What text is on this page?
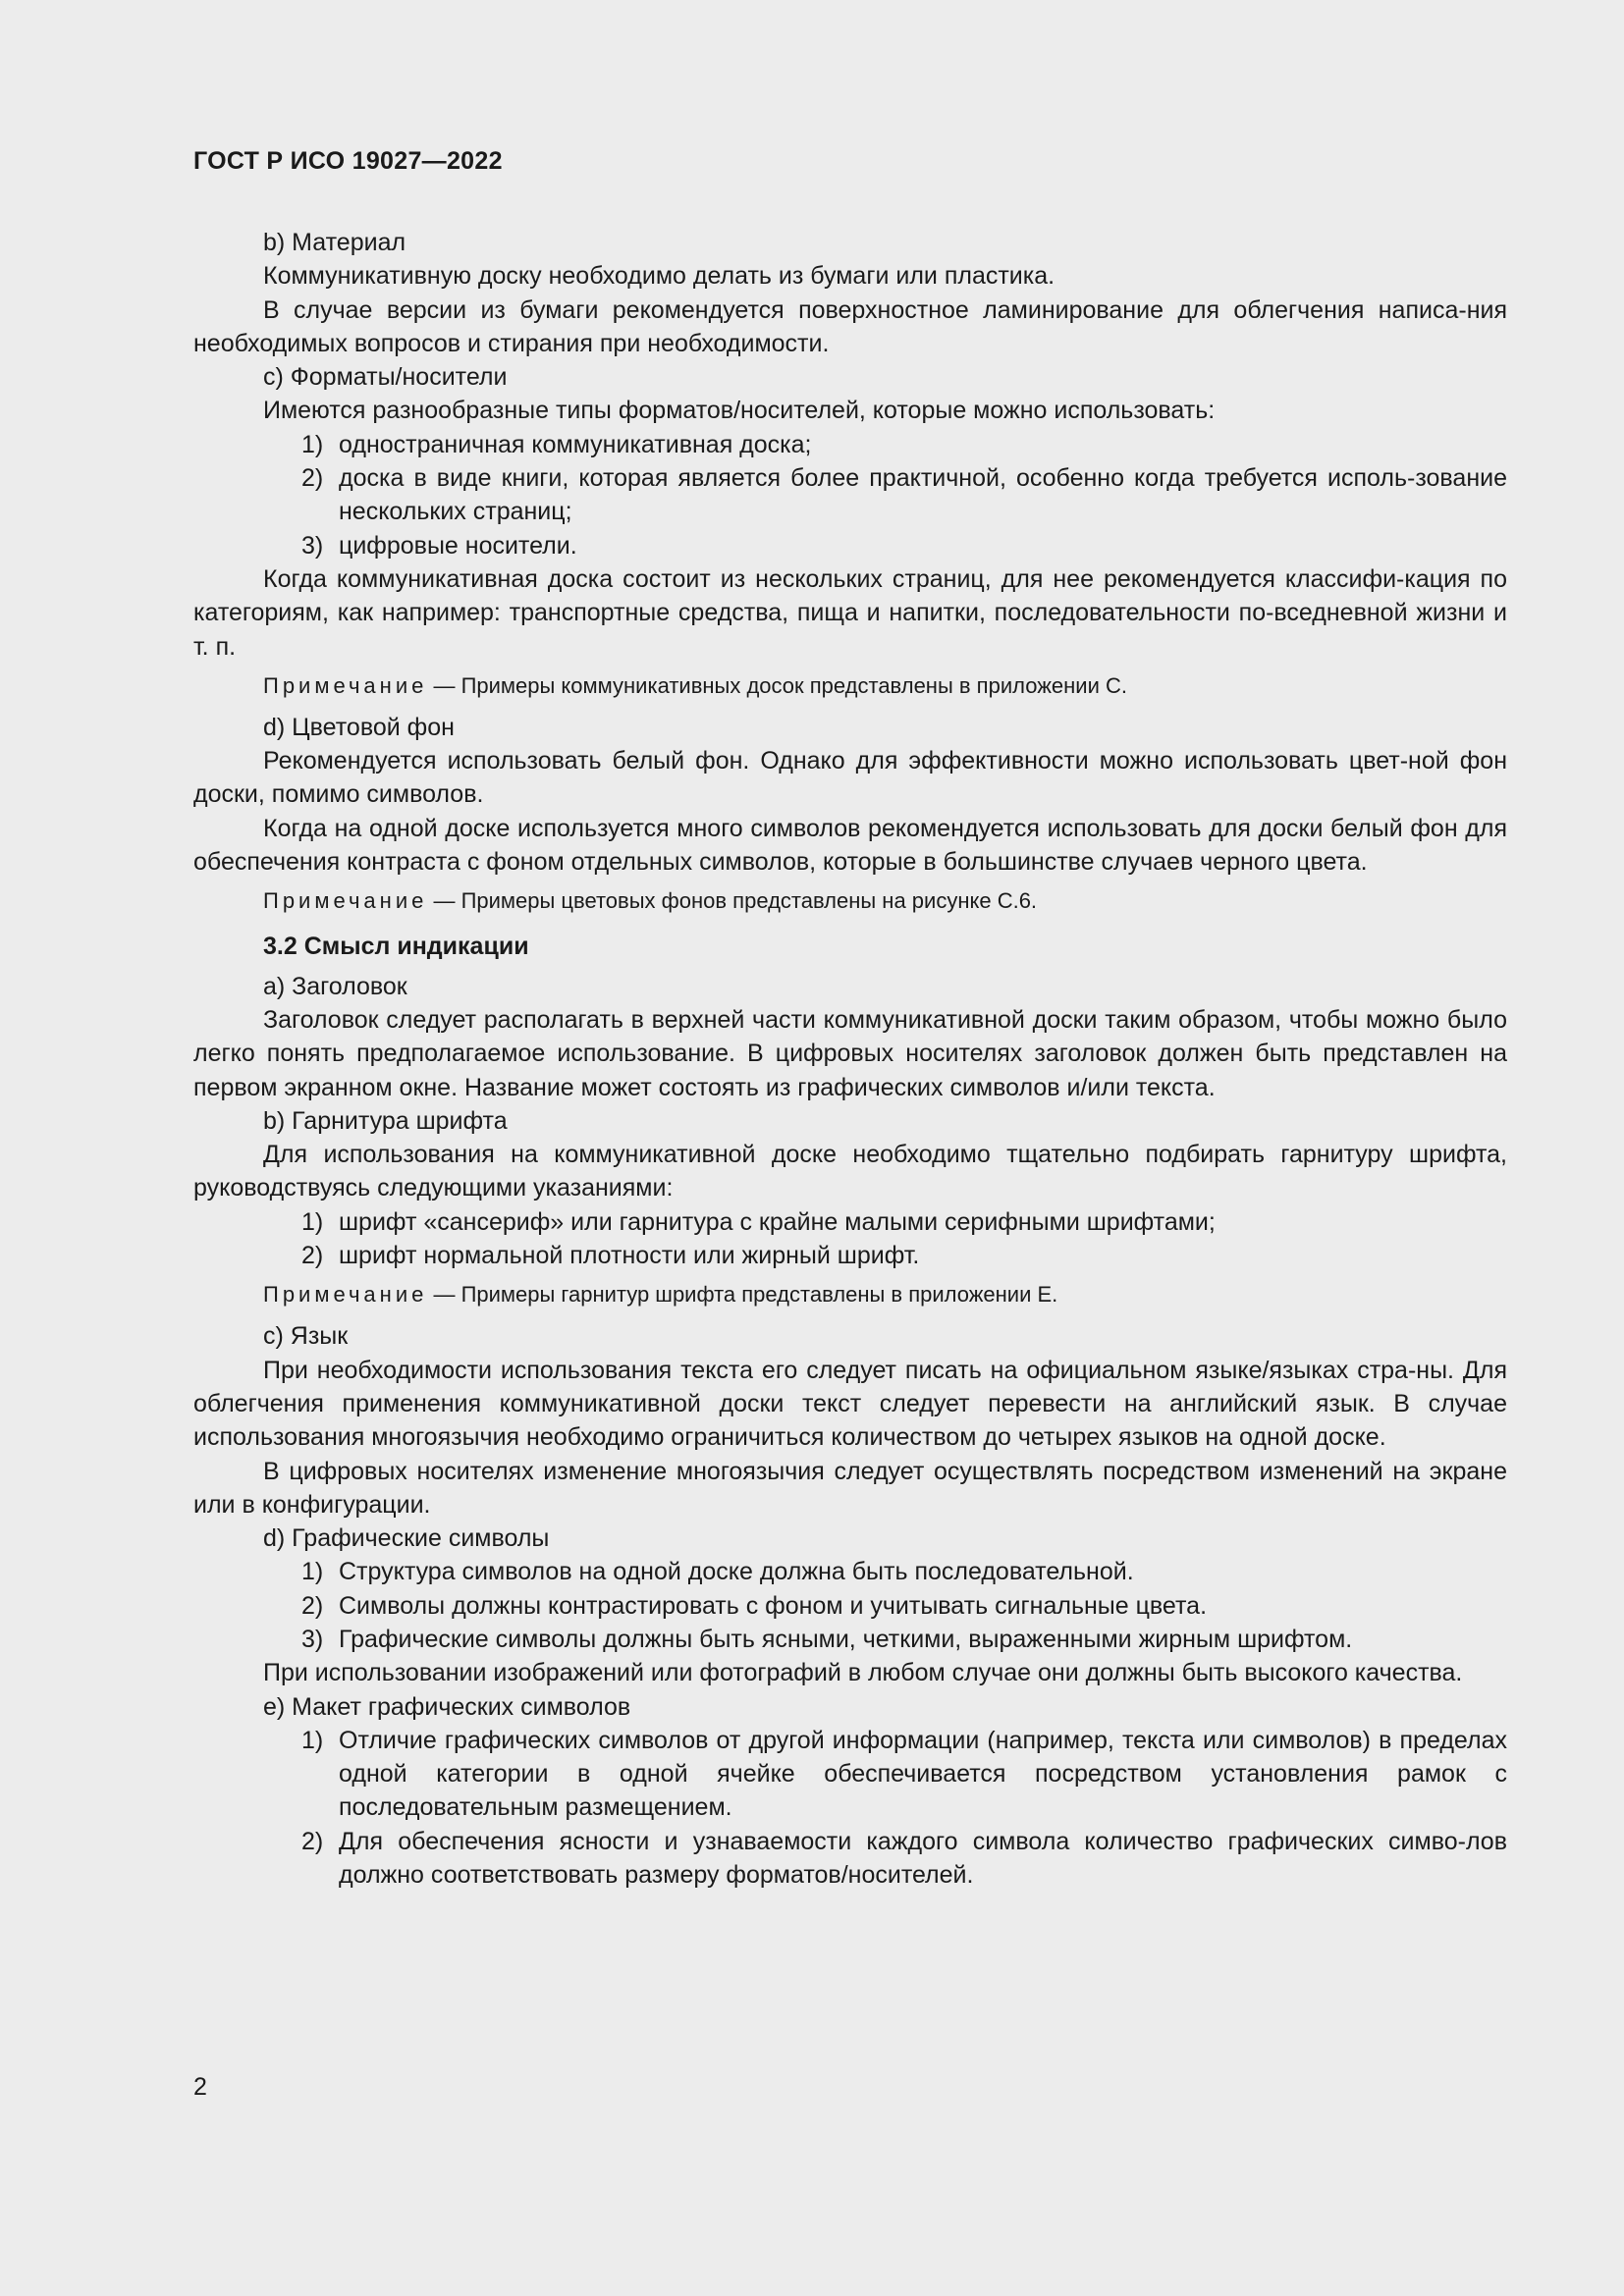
ГОСТ Р ИСО 19027—2022

b) Материал

Коммуникативную доску необходимо делать из бумаги или пластика.

В случае версии из бумаги рекомендуется поверхностное ламинирование для облегчения написа-ния необходимых вопросов и стирания при необходимости.

c) Форматы/носители

Имеются разнообразные типы форматов/носителей, которые можно использовать:

1) одностраничная коммуникативная доска;
2) доска в виде книги, которая является более практичной, особенно когда требуется исполь-зование нескольких страниц;
3) цифровые носители.

Когда коммуникативная доска состоит из нескольких страниц, для нее рекомендуется классифи-кация по категориям, как например: транспортные средства, пища и напитки, последовательности по-вседневной жизни и т. п.

Примечание — Примеры коммуникативных досок представлены в приложении С.

d) Цветовой фон

Рекомендуется использовать белый фон. Однако для эффективности можно использовать цвет-ной фон доски, помимо символов.

Когда на одной доске используется много символов рекомендуется использовать для доски белый фон для обеспечения контраста с фоном отдельных символов, которые в большинстве случаев черного цвета.

Примечание — Примеры цветовых фонов представлены на рисунке С.6.

3.2 Смысл индикации

a) Заголовок

Заголовок следует располагать в верхней части коммуникативной доски таким образом, чтобы можно было легко понять предполагаемое использование. В цифровых носителях заголовок должен быть представлен на первом экранном окне. Название может состоять из графических символов и/или текста.

b) Гарнитура шрифта

Для использования на коммуникативной доске необходимо тщательно подбирать гарнитуру шрифта, руководствуясь следующими указаниями:

1) шрифт «сансериф» или гарнитура с крайне малыми серифными шрифтами;
2) шрифт нормальной плотности или жирный шрифт.

Примечание — Примеры гарнитур шрифта представлены в приложении Е.

c) Язык

При необходимости использования текста его следует писать на официальном языке/языках стра-ны. Для облегчения применения коммуникативной доски текст следует перевести на английский язык. В случае использования многоязычия необходимо ограничиться количеством до четырех языков на одной доске.

В цифровых носителях изменение многоязычия следует осуществлять посредством изменений на экране или в конфигурации.

d) Графические символы

1) Структура символов на одной доске должна быть последовательной.
2) Символы должны контрастировать с фоном и учитывать сигнальные цвета.
3) Графические символы должны быть ясными, четкими, выраженными жирным шрифтом.

При использовании изображений или фотографий в любом случае они должны быть высокого качества.

e) Макет графических символов

1) Отличие графических символов от другой информации (например, текста или символов) в пределах одной категории в одной ячейке обеспечивается посредством установления рамок с последовательным размещением.
2) Для обеспечения ясности и узнаваемости каждого символа количество графических симво-лов должно соответствовать размеру форматов/носителей.
2
